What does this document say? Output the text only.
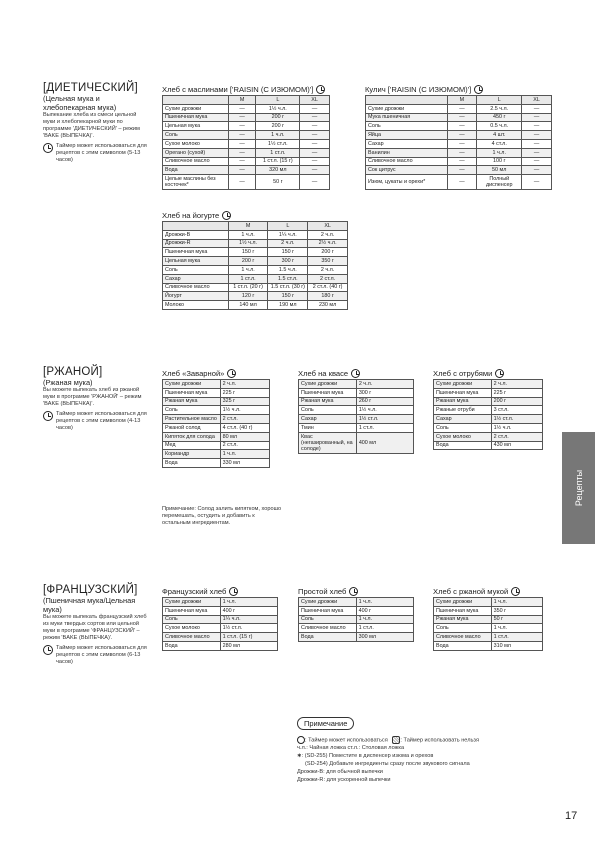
[ДИЕТИЧЕСКИЙ]
(Цельная мука и хлебопекарная мука)
Выпекание хлеба из смеси цельной муки и хлебопекарной муки по программе 'ДИЕТИЧЕСКИЙ' – режим 'BAKE (ВЫПЕЧКА)'.
Таймер может использоваться для рецептов с этим символом (5-13 часов)
[РЖАНОЙ]
(Ржаная мука)
Вы можете выпекать хлеб из ржаной муки в программе 'РЖАНОЙ' – режим 'BAKE (ВЫПЕЧКА)'.
Таймер может использоваться для рецептов с этим символом (4-13 часов)
[ФРАНЦУЗСКИЙ]
(Пшеничная мука/Цельная мука)
Вы можете выпекать французский хлеб из муки твердых сортов или цельной муки в программе 'ФРАНЦУЗСКИЙ' – режим 'BAKE (ВЫПЕЧКА)'.
Таймер может использоваться для рецептов с этим символом (6-13 часов)
Хлеб с маслинами ['RAISIN (С ИЗЮМОМ)']
	M	L	XL
Сухие дрожжи	—	1½ ч.л.	—
Пшеничная мука	—	200 г	—
Цельная мука	—	200 г	—
Соль	—	1 ч.л.	—
Сухое молоко	—	1½ ст.л.	—
Орегано (сухой)	—	1 ст.л.	—
Сливочное масло	—	1 ст.л. (15 г)	—
Вода	—	320 мл	—
Целые маслины без косточек*	—	50 г	—
Хлеб на йогурте
	M	L	XL
Дрожжи-B	1 ч.л.	1¼ ч.л.	2 ч.л.
Дрожжи-R	1½ ч.л.	2 ч.л.	2½ ч.л.
Пшеничная мука	150 г	150 г	200 г
Цельная мука	200 г	300 г	350 г
Соль	1 ч.л.	1.5 ч.л.	2 ч.л.
Сахар	1 ст.л.	1.5 ст.л.	2 ст.л.
Сливочное масло	1 ст.л. (20 г)	1.5 ст.л. (30 г)	2 ст.л. (40 г)
Йогурт	120 г	150 г	180 г
Молоко	140 мл	190 мл	230 мл
Кулич ['RAISIN (С ИЗЮМОМ)']
	M	L	XL
Сухие дрожжи	—	2.5 ч.л.	—
Мука пшеничная	—	450 г	—
Соль	—	0.5 ч.л.	—
Яйца	—	4 шт.	—
Сахар	—	4 ст.л.	—
Ванилин	—	1 ч.л.	—
Сливочное масло	—	100 г	—
Сок цитрус	—	50 мл	—
Изюм, цукаты и орехи*	—	Полный диспенсер	—
Хлеб «Заварной»
Сухие дрожжи	2 ч.л.
Пшеничная мука	225 г
Ржаная мука	325 г
Соль	1½ ч.л.
Растительное масло	2 ст.л.
Ржаной солод	4 ст.л. (40 г)
Кипяток для солода	80 мл
Мед	2 ст.л.
Кориандр	1 ч.л.
Вода	330 мл
Хлеб на квасе
Сухие дрожжи	2 ч.л.
Пшеничная мука	300 г
Ржаная мука	260 г
Соль	1½ ч.л.
Сахар	1½ ст.л.
Тмин	1 ст.л.
Квас (негазированный, на солоде)	400 мл
Хлеб с отрубями
Сухие дрожжи	2 ч.л.
Пшеничная мука	225 г
Ржаная мука	200 г
Ржаные отруби	3 ст.л.
Сахар	1½ ст.л.
Соль	1½ ч.л.
Сухое молоко	2 ст.л.
Вода	430 мл
Французский хлеб
Сухие дрожжи	1 ч.л.
Пшеничная мука	400 г
Соль	1¼ ч.л.
Сухое молоко	1½ ст.л.
Сливочное масло	1 ст.л. (15 г)
Вода	280 мл
Простой хлеб
Сухие дрожжи	1 ч.л.
Пшеничная мука	400 г
Соль	1 ч.л.
Сливочное масло	1 ст.л.
Вода	300 мл
Хлеб с ржаной мукой
Сухие дрожжи	1 ч.л.
Пшеничная мука	350 г
Ржаная мука	50 г
Соль	1 ч.л.
Сливочное масло	1 ст.л.
Вода	310 мл
Примечание: Солод залить кипятком, хорошо перемешать, остудить и добавить к остальным ингредиентам.
Рецепты
Примечание
: Таймер может использоваться : Таймер использовать нельзя
ч.л.: Чайная ложка ст.л.: Столовая ложка
∗: (SD-255) Поместите в диспенсер изюма и орехов
(SD-254) Добавьте ингредиенты сразу после звукового сигнала
Дрожжи-B: для обычной выпечки
Дрожжи-R: для ускоренной выпечки
17
